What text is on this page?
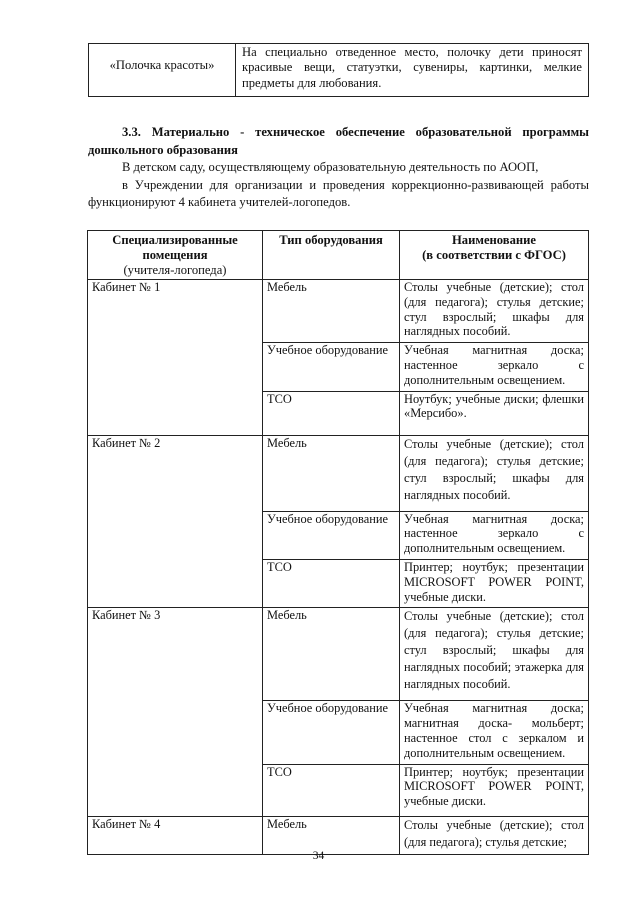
«Полочка красоты»	На специально отведенное место, полочку дети приносят красивые вещи, статуэтки, сувениры, картинки, мелкие предметы для любования.

3.3. Материально - техническое обеспечение образовательной программы дошкольного образования

В детском саду, осуществляющему образовательную деятельность по АООП,

в Учреждении для организации и проведения коррекционно-развивающей работы функционируют 4 кабинета учителей-логопедов.

Специализированные помещения
(учителя-логопеда)	Тип оборудования	Наименование
(в соответствии с ФГОС)
Кабинет № 1	Мебель	Столы учебные (детские); стол (для педагога); стулья детские; стул взрослый; шкафы для наглядных пособий.
	Учебное оборудование	Учебная магнитная доска; настенное зеркало с дополнительным освещением.
	ТСО	Ноутбук; учебные диски; флешки «Мерсибо».
Кабинет № 2	Мебель	Столы учебные (детские); стол (для педагога); стулья детские; стул взрослый; шкафы для наглядных пособий.
	Учебное оборудование	Учебная магнитная доска; настенное зеркало с дополнительным освещением.
	ТСО	Принтер; ноутбук; презентации MICROSOFT POWER POINT, учебные диски.
Кабинет № 3	Мебель	Столы учебные (детские); стол (для педагога); стулья детские; стул взрослый; шкафы для наглядных пособий; этажерка для наглядных пособий.
	Учебное оборудование	Учебная магнитная доска; магнитная доска- мольберт; настенное стол с зеркалом и дополнительным освещением.
	ТСО	Принтер; ноутбук; презентации MICROSOFT POWER POINT, учебные диски.
Кабинет № 4	Мебель	Столы учебные (детские); стол (для педагога); стулья детские;
34
